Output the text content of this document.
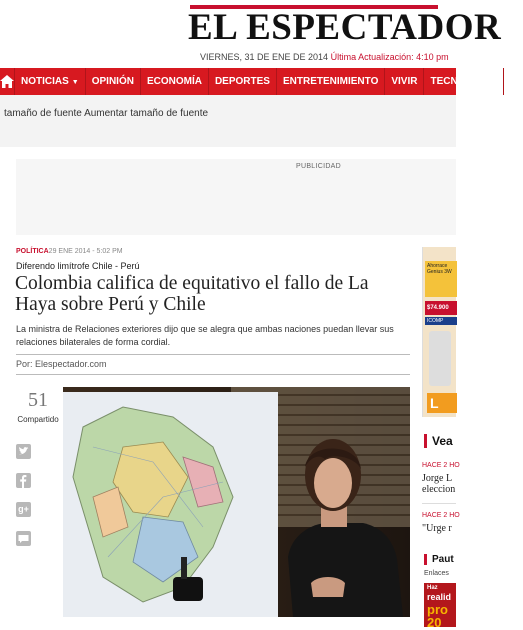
EL ESPECTADOR
VIERNES, 31 DE ENE DE 2014 Última Actualización: 4:10 pm
NOTICIAS ▼	OPINIÓN	ECONOMÍA	DEPORTES	ENTRETENIMIENTO	VIVIR	TECNOLOGÍA	E
tamaño de fuente Aumentar tamaño de fuente
PUBLICIDAD
POLÍTICA29 ENE 2014 - 5:02 PM
Diferendo limítrofe Chile - Perú
Colombia califica de equitativo el fallo de La Haya sobre Perú y Chile

La ministra de Relaciones exteriores dijo que se alegra que ambas naciones puedan llevar sus relaciones bilaterales de forma cordial.

Por: Elespectador.com
51
Compartido
g+
Ahorrace
Genius 3W
$74.900
ICOMP
L
Vea
HACE 2 HO
Jorge L
eleccion
HACE 2 HO
"Urge r
Paut
Enlaces
Haz
realid
pro
20
